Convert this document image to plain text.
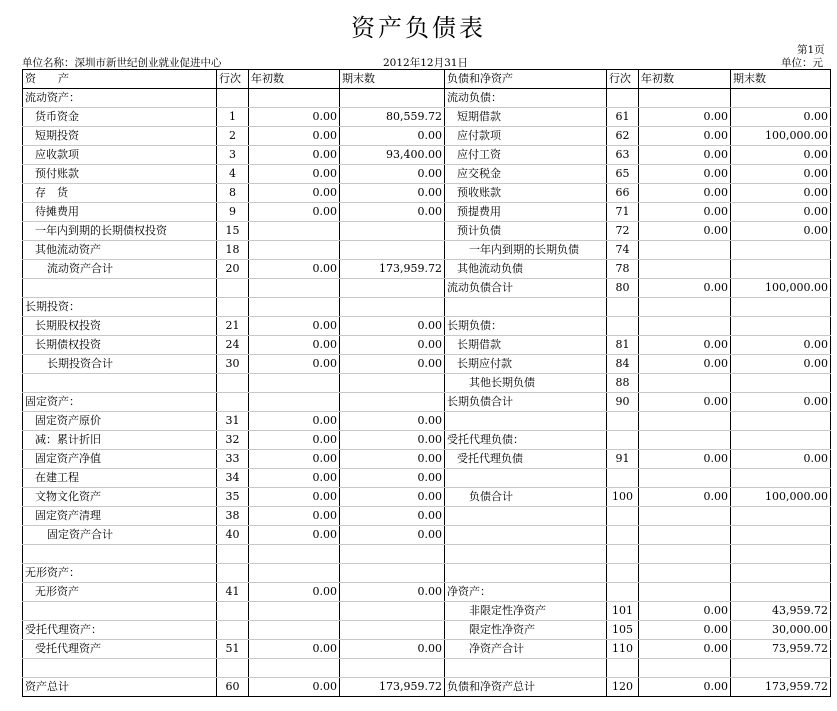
资产负债表
第1页
单位名称：深圳市新世纪创业就业促进中心	2012年12月31日	单位：元
资　　产	行次	年初数	期末数	负债和净资产	行次	年初数	期末数
流动资产：				流动负债：			
货币资金	1	0.00	80,559.72	短期借款	61	0.00	0.00
短期投资	2	0.00	0.00	应付款项	62	0.00	100,000.00
应收款项	3	0.00	93,400.00	应付工资	63	0.00	0.00
预付账款	4	0.00	0.00	应交税金	65	0.00	0.00
存　货	8	0.00	0.00	预收账款	66	0.00	0.00
待摊费用	9	0.00	0.00	预提费用	71	0.00	0.00
一年内到期的长期债权投资	15			预计负债	72	0.00	0.00
其他流动资产	18			一年内到期的长期负债	74		
流动资产合计	20	0.00	173,959.72	其他流动负债	78		
				流动负债合计	80	0.00	100,000.00
长期投资：							
长期股权投资	21	0.00	0.00	长期负债：			
长期债权投资	24	0.00	0.00	长期借款	81	0.00	0.00
长期投资合计	30	0.00	0.00	长期应付款	84	0.00	0.00
				其他长期负债	88		
固定资产：				长期负债合计	90	0.00	0.00
固定资产原价	31	0.00	0.00				
减：累计折旧	32	0.00	0.00	受托代理负债：			
固定资产净值	33	0.00	0.00	受托代理负债	91	0.00	0.00
在建工程	34	0.00	0.00				
文物文化资产	35	0.00	0.00	负债合计	100	0.00	100,000.00
固定资产清理	38	0.00	0.00				
固定资产合计	40	0.00	0.00				

无形资产：							
无形资产	41	0.00	0.00	净资产：			
				非限定性净资产	101	0.00	43,959.72
受托代理资产：				限定性净资产	105	0.00	30,000.00
受托代理资产	51	0.00	0.00	净资产合计	110	0.00	73,959.72

资产总计	60	0.00	173,959.72	负债和净资产总计	120	0.00	173,959.72
